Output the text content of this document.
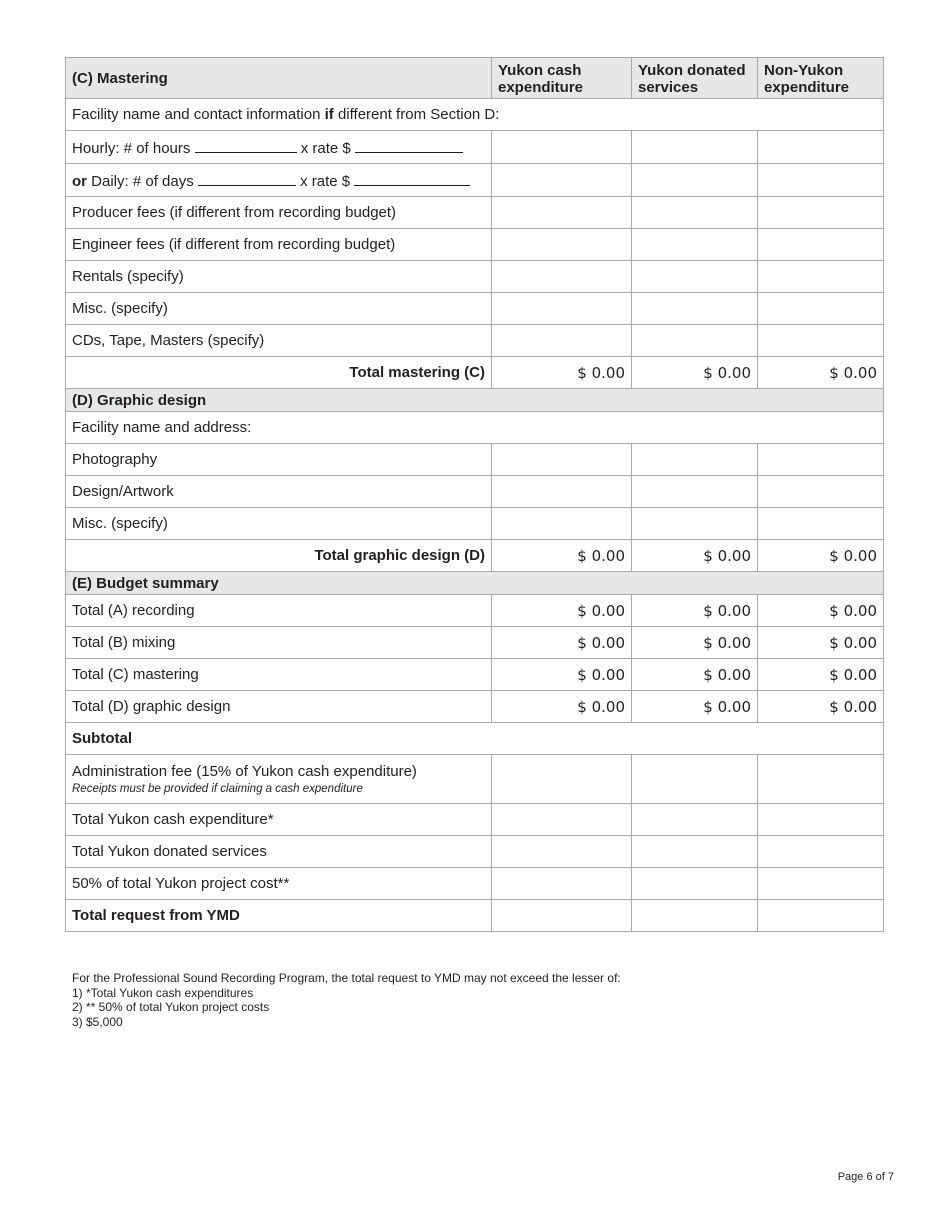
(C) Mastering	Yukon cash expenditure	Yukon donated services	Non-Yukon expenditure
Facility name and contact information if different from Section D:			
Hourly: # of hours x rate $			
or Daily: # of days x rate $			
Producer fees (if different from recording budget)			
Engineer fees (if different from recording budget)			
Rentals (specify)			
Misc. (specify)			
CDs, Tape, Masters (specify)			
Total mastering (C)	$ 0.00	$ 0.00	$ 0.00
(D) Graphic design			
Facility name and address:			
Photography			
Design/Artwork			
Misc. (specify)			
Total graphic design (D)	$ 0.00	$ 0.00	$ 0.00
(E) Budget summary			
Total (A) recording	$ 0.00	$ 0.00	$ 0.00
Total (B) mixing	$ 0.00	$ 0.00	$ 0.00
Total (C) mastering	$ 0.00	$ 0.00	$ 0.00
Total (D) graphic design	$ 0.00	$ 0.00	$ 0.00
Subtotal			
Administration fee (15% of Yukon cash expenditure)
Receipts must be provided if claiming a cash expenditure			

Total Yukon cash expenditure*			
Total Yukon donated services			
50% of total Yukon project cost**			
Total request from YMD			
For the Professional Sound Recording Program, the total request to YMD may not exceed the lesser of:
1) *Total Yukon cash expenditures
2) ** 50% of total Yukon project costs
3) $5,000
Page 6 of 7
